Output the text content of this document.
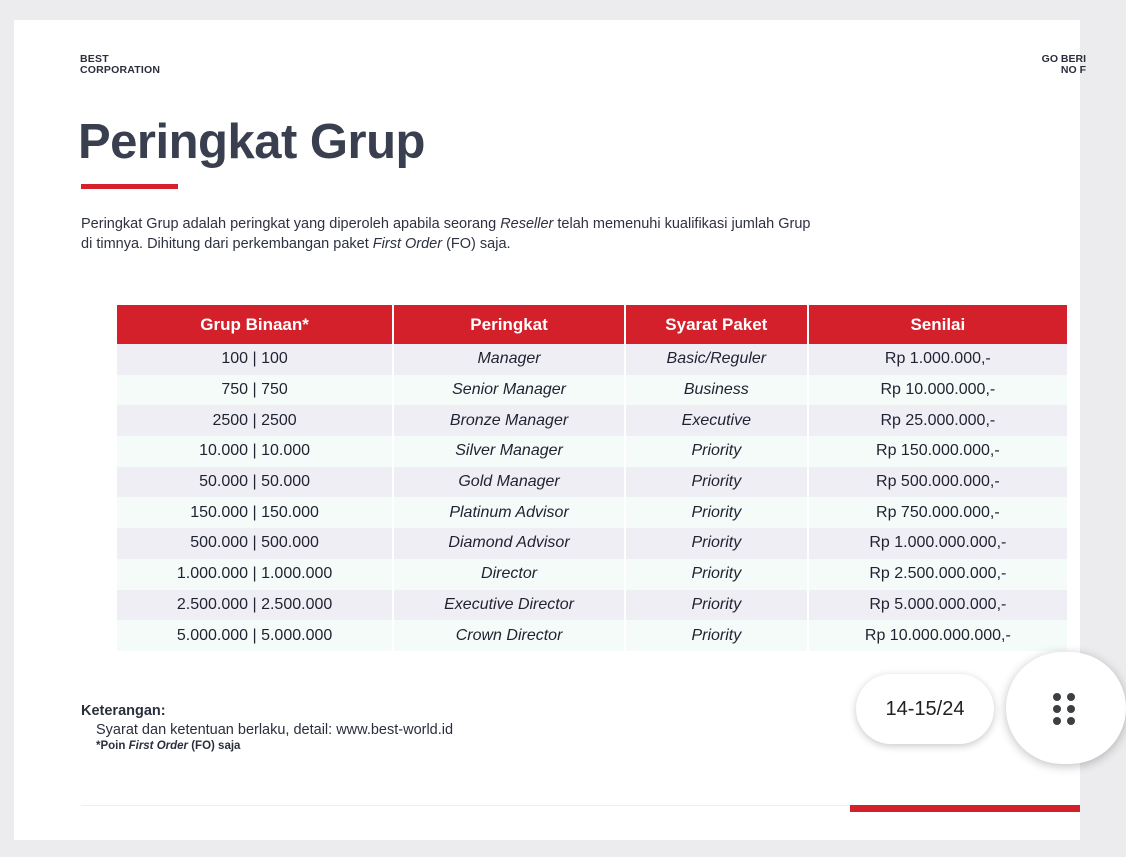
BEST
CORPORATION
GO BERI
NO F
Peringkat Grup

Peringkat Grup adalah peringkat yang diperoleh apabila seorang Reseller telah memenuhi kualifikasi jumlah Grup di timnya. Dihitung dari perkembangan paket First Order (FO) saja.

Grup Binaan*	Peringkat	Syarat Paket	Senilai
100 | 100	Manager	Basic/Reguler	Rp 1.000.000,-
750 | 750	Senior Manager	Business	Rp 10.000.000,-
2500 | 2500	Bronze Manager	Executive	Rp 25.000.000,-
10.000 | 10.000	Silver Manager	Priority	Rp 150.000.000,-
50.000 | 50.000	Gold Manager	Priority	Rp 500.000.000,-
150.000 | 150.000	Platinum Advisor	Priority	Rp 750.000.000,-
500.000 | 500.000	Diamond Advisor	Priority	Rp 1.000.000.000,-
1.000.000 | 1.000.000	Director	Priority	Rp 2.500.000.000,-
2.500.000 | 2.500.000	Executive Director	Priority	Rp 5.000.000.000,-
5.000.000 | 5.000.000	Crown Director	Priority	Rp 10.000.000.000,-
Keterangan:
Syarat dan ketentuan berlaku, detail: www.best-world.id
*Poin First Order (FO) saja
14-15/24
